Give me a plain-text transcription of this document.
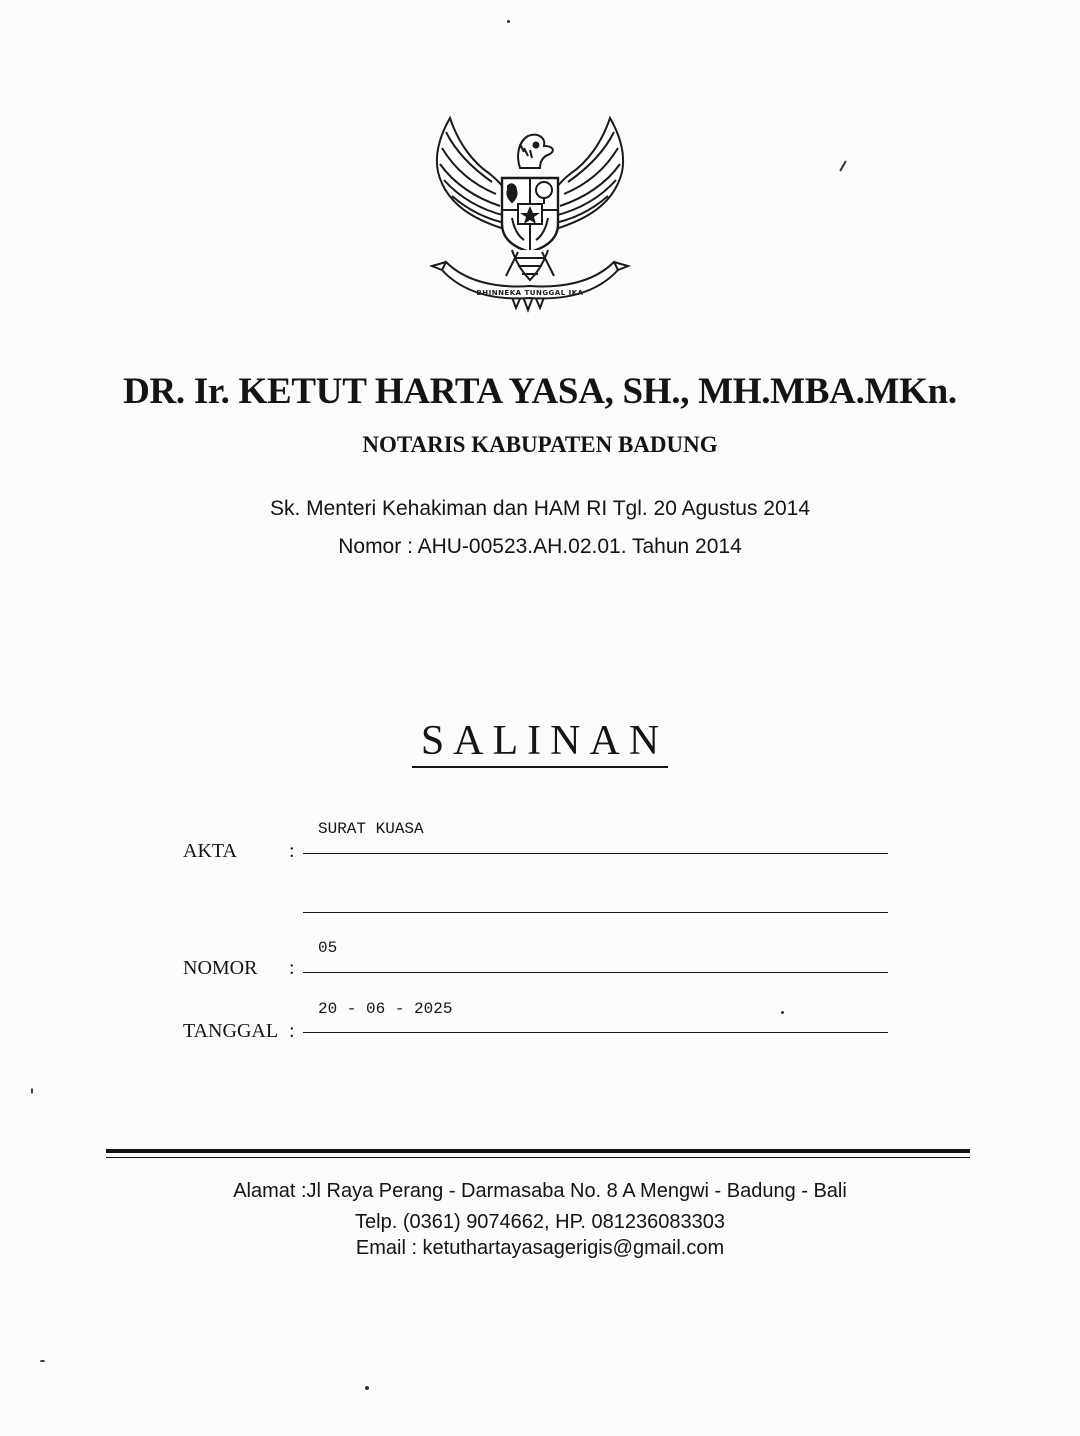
BHINNEKA TUNGGAL IKA
DR. Ir. KETUT HARTA YASA, SH., MH.MBA.MKn.
NOTARIS KABUPATEN BADUNG
Sk. Menteri Kehakiman dan HAM RI Tgl. 20 Agustus 2014
Nomor : AHU-00523.AH.02.01. Tahun 2014
SALINAN
AKTA	:
SURAT KUASA
NOMOR :
05
TANGGAL :
20 - 06 - 2025
Alamat :Jl Raya Perang - Darmasaba No. 8 A Mengwi - Badung - Bali
Telp. (0361) 9074662, HP. 081236083303
Email : ketuthartayasagerigis@gmail.com
